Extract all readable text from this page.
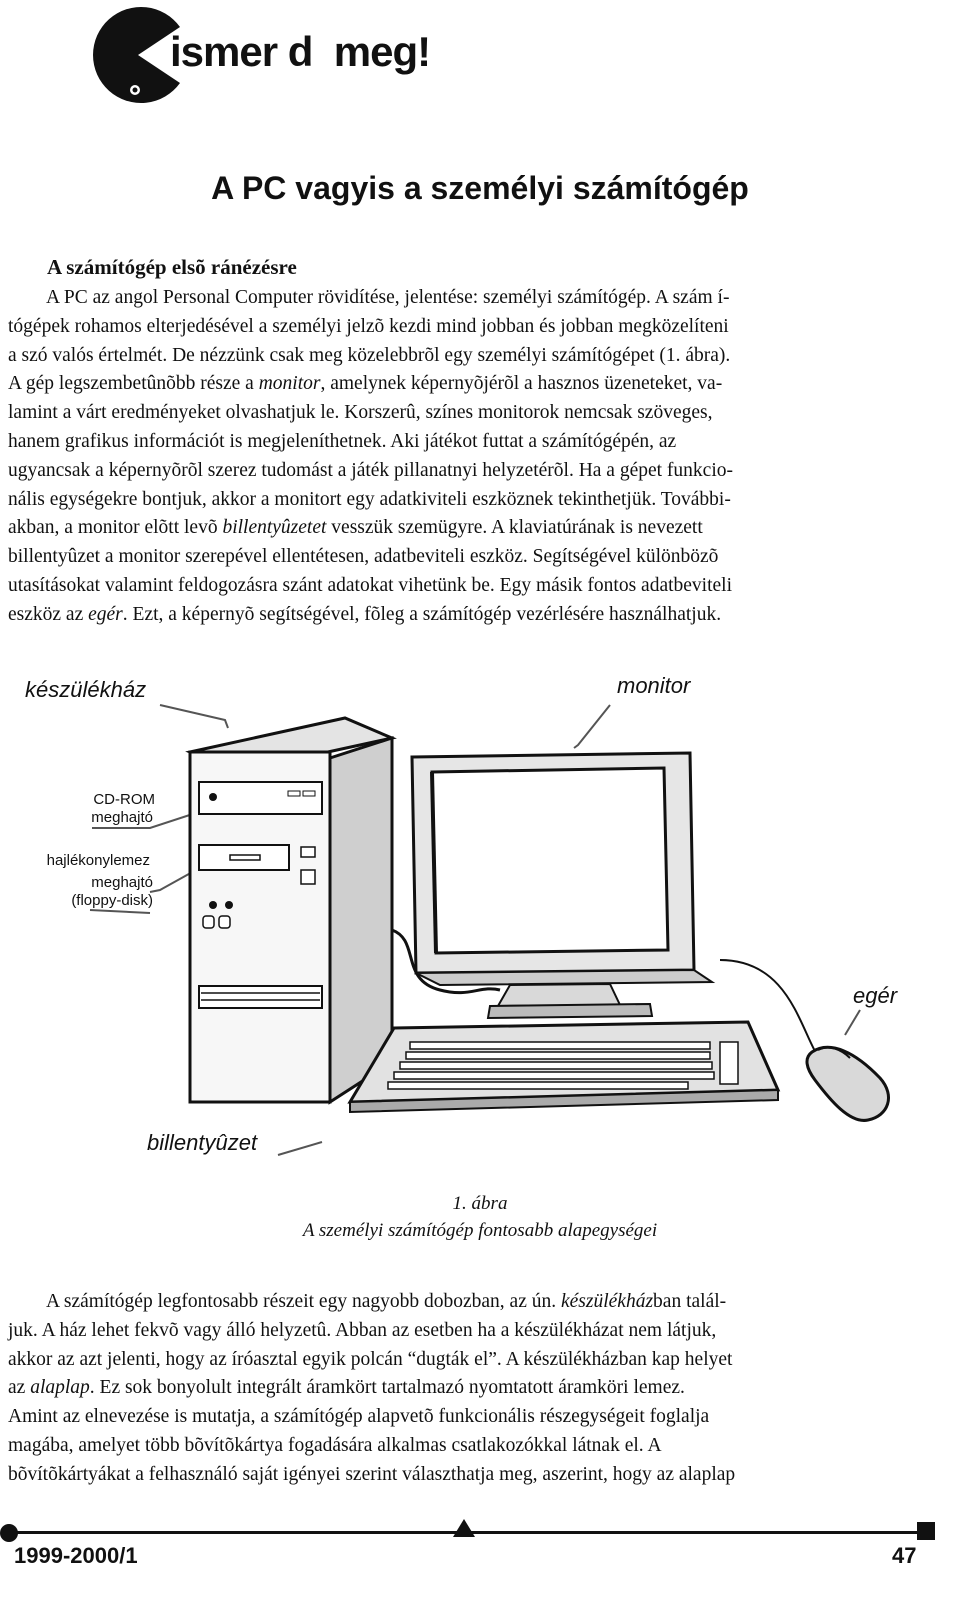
ismer d  meg!
A PC vagyis a személyi számítógép
A számítógép elsõ ránézésre

A PC az angol Personal Computer rövidítése, jelentése: személyi számítógép. A szám í-
tógépek rohamos elterjedésével a személyi jelzõ kezdi mind jobban és jobban megközelíteni
a szó valós értelmét. De nézzünk csak meg közelebbrõl egy személyi számítógépet (1. ábra).
A gép legszembetûnõbb része a monitor, amelynek képernyõjérõl a hasznos üzeneteket, va-
lamint a várt eredményeket olvashatjuk le. Korszerû, színes monitorok nemcsak szöveges,
hanem grafikus információt is megjeleníthetnek. Aki játékot futtat a számítógépén, az
ugyancsak a képernyõrõl szerez tudomást a játék pillanatnyi helyzetérõl. Ha a gépet funkcio-
nális egységekre bontjuk, akkor a monitort egy adatkiviteli eszköznek tekinthetjük. További-
akban, a monitor elõtt levõ billentyûzetet vesszük szemügyre. A klaviatúrának is nevezett
billentyûzet a monitor szerepével ellentétesen, adatbeviteli eszköz. Segítségével különbözõ
utasításokat valamint feldogozásra szánt adatokat vihetünk be. Egy másik fontos adatbeviteli
eszköz az egér. Ezt, a képernyõ segítségével, fõleg a számítógép vezérlésére használhatjuk.

készülékház	monitor
CD-ROM
meghajtó
hajlékonylemez
meghajtó
(floppy-disk)
egér
billentyûzet
1. ábra
A személyi számítógép fontosabb alapegységei

A számítógép legfontosabb részeit egy nagyobb dobozban, az ún. készülékházban talál-
juk. A ház lehet fekvõ vagy álló helyzetû. Abban az esetben ha a készülékházat nem látjuk,
akkor az azt jelenti, hogy az íróasztal egyik polcán “dugták el”. A készülékházban kap helyet
az alaplap. Ez sok bonyolult integrált áramkört tartalmazó nyomtatott áramköri lemez.
Amint az elnevezése is mutatja, a számítógép alapvetõ funkcionális részegységeit foglalja
magába, amelyet több bõvítõkártya fogadására alkalmas csatlakozókkal látnak el. A
bõvítõkártyákat a felhasználó saját igényei szerint választhatja meg, aszerint, hogy az alaplap

1999-2000/1	47
